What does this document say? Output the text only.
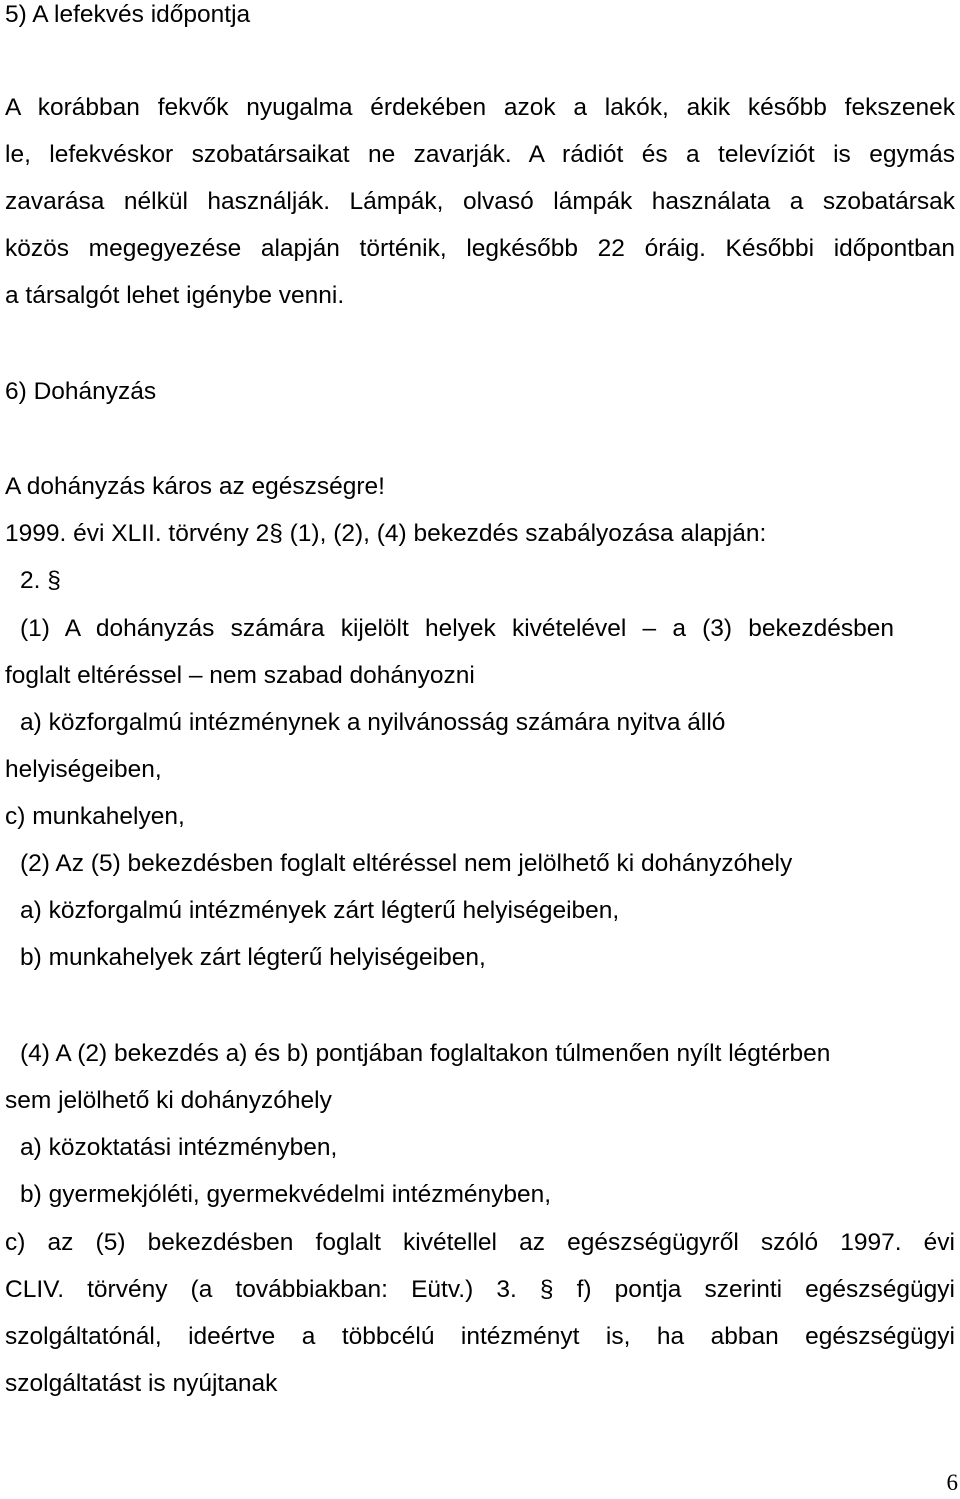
5) A lefekvés időpontja
A korábban fekvők nyugalma érdekében azok a lakók, akik később fekszenek
le, lefekvéskor szobatársaikat ne zavarják. A rádiót és a televíziót is egymás
zavarása nélkül használják. Lámpák, olvasó lámpák használata a szobatársak
közös megegyezése alapján történik, legkésőbb 22 óráig. Későbbi időpontban
a társalgót lehet igénybe venni.
6) Dohányzás
A dohányzás káros az egészségre!
1999. évi XLII. törvény 2§ (1), (2), (4) bekezdés szabályozása alapján:
2. §
(1) A dohányzás számára kijelölt helyek kivételével – a (3) bekezdésben
foglalt eltéréssel – nem szabad dohányozni
a) közforgalmú intézménynek a nyilvánosság számára nyitva álló
helyiségeiben,
c) munkahelyen,
(2) Az (5) bekezdésben foglalt eltéréssel nem jelölhető ki dohányzóhely
a) közforgalmú intézmények zárt légterű helyiségeiben,
b) munkahelyek zárt légterű helyiségeiben,
(4) A (2) bekezdés a) és b) pontjában foglaltakon túlmenően nyílt légtérben
sem jelölhető ki dohányzóhely
a) közoktatási intézményben,
b) gyermekjóléti, gyermekvédelmi intézményben,
c) az (5) bekezdésben foglalt kivétellel az egészségügyről szóló 1997. évi
CLIV. törvény (a továbbiakban: Eütv.) 3. § f) pontja szerinti egészségügyi
szolgáltatónál, ideértve a többcélú intézményt is, ha abban egészségügyi
szolgáltatást is nyújtanak
6
